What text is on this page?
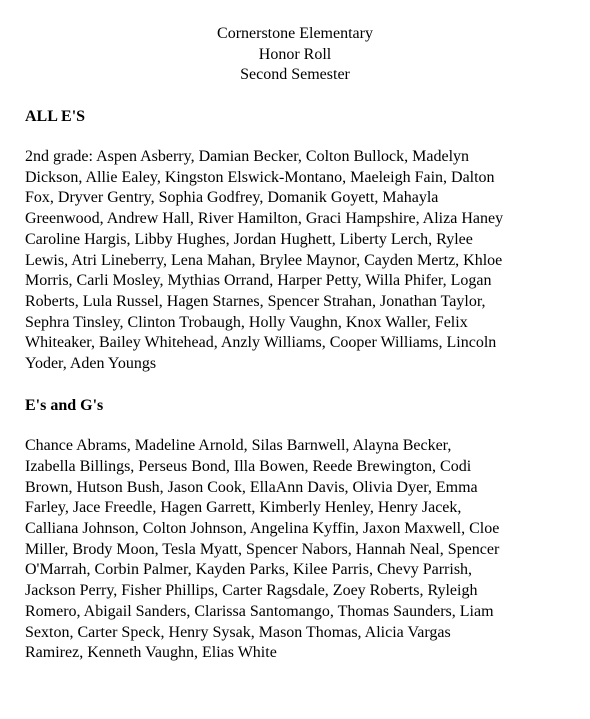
Cornerstone Elementary
Honor Roll
Second Semester
ALL E'S
2nd grade: Aspen Asberry, Damian Becker, Colton Bullock, Madelyn
Dickson, Allie Ealey, Kingston Elswick-Montano, Maeleigh Fain, Dalton
Fox, Dryver Gentry, Sophia Godfrey, Domanik Goyett, Mahayla
Greenwood, Andrew Hall, River Hamilton, Graci Hampshire, Aliza Haney
Caroline Hargis, Libby Hughes, Jordan Hughett, Liberty Lerch, Rylee
Lewis, Atri Lineberry, Lena Mahan, Brylee Maynor, Cayden Mertz, Khloe
Morris, Carli Mosley, Mythias Orrand, Harper Petty, Willa Phifer, Logan
Roberts, Lula Russel, Hagen Starnes, Spencer Strahan, Jonathan Taylor,
Sephra Tinsley, Clinton Trobaugh, Holly Vaughn, Knox Waller, Felix
Whiteaker, Bailey Whitehead, Anzly Williams, Cooper Williams, Lincoln
Yoder, Aden Youngs
E's and G's
Chance Abrams, Madeline Arnold, Silas Barnwell, Alayna Becker,
Izabella Billings, Perseus Bond, Illa Bowen, Reede Brewington, Codi
Brown, Hutson Bush, Jason Cook, EllaAnn Davis, Olivia Dyer, Emma
Farley, Jace Freedle, Hagen Garrett, Kimberly Henley, Henry Jacek,
Calliana Johnson, Colton Johnson, Angelina Kyffin, Jaxon Maxwell, Cloe
Miller, Brody Moon, Tesla Myatt, Spencer Nabors, Hannah Neal, Spencer
O'Marrah, Corbin Palmer, Kayden Parks, Kilee Parris, Chevy Parrish,
Jackson Perry, Fisher Phillips, Carter Ragsdale, Zoey Roberts, Ryleigh
Romero, Abigail Sanders, Clarissa Santomango, Thomas Saunders, Liam
Sexton, Carter Speck, Henry Sysak, Mason Thomas, Alicia Vargas
Ramirez, Kenneth Vaughn, Elias White
